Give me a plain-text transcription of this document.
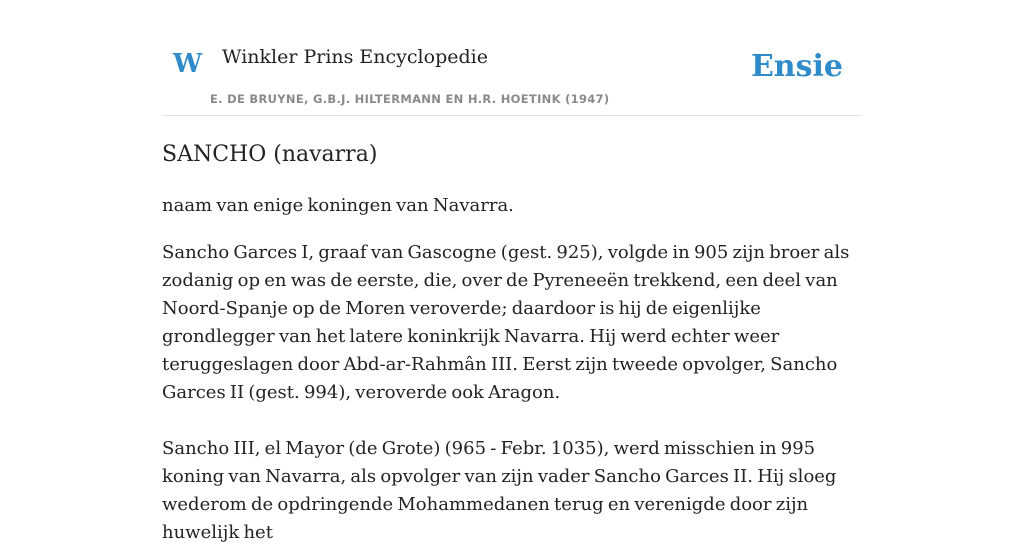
W Winkler Prins Encyclopedie
E. DE BRUYNE, G.B.J. HILTERMANN EN H.R. HOETINK (1947)
Ensie
SANCHO (navarra)

naam van enige koningen van Navarra.

Sancho Garces I, graaf van Gascogne (gest. 925), volgde in 905 zijn broer als zodanig op en was de eerste, die, over de Pyreneeën trekkend, een deel van Noord-Spanje op de Moren veroverde; daardoor is hij de eigenlijke grondlegger van het latere koninkrijk Navarra. Hij werd echter weer teruggeslagen door Abd-ar-Rahmân III. Eerst zijn tweede opvolger, Sancho Garces II (gest. 994), veroverde ook Aragon.

Sancho III, el Mayor (de Grote) (965 - Febr. 1035), werd misschien in 995 koning van Navarra, als opvolger van zijn vader Sancho Garces II. Hij sloeg wederom de opdringende Mohammedanen terug en verenigde door zijn huwelijk het
